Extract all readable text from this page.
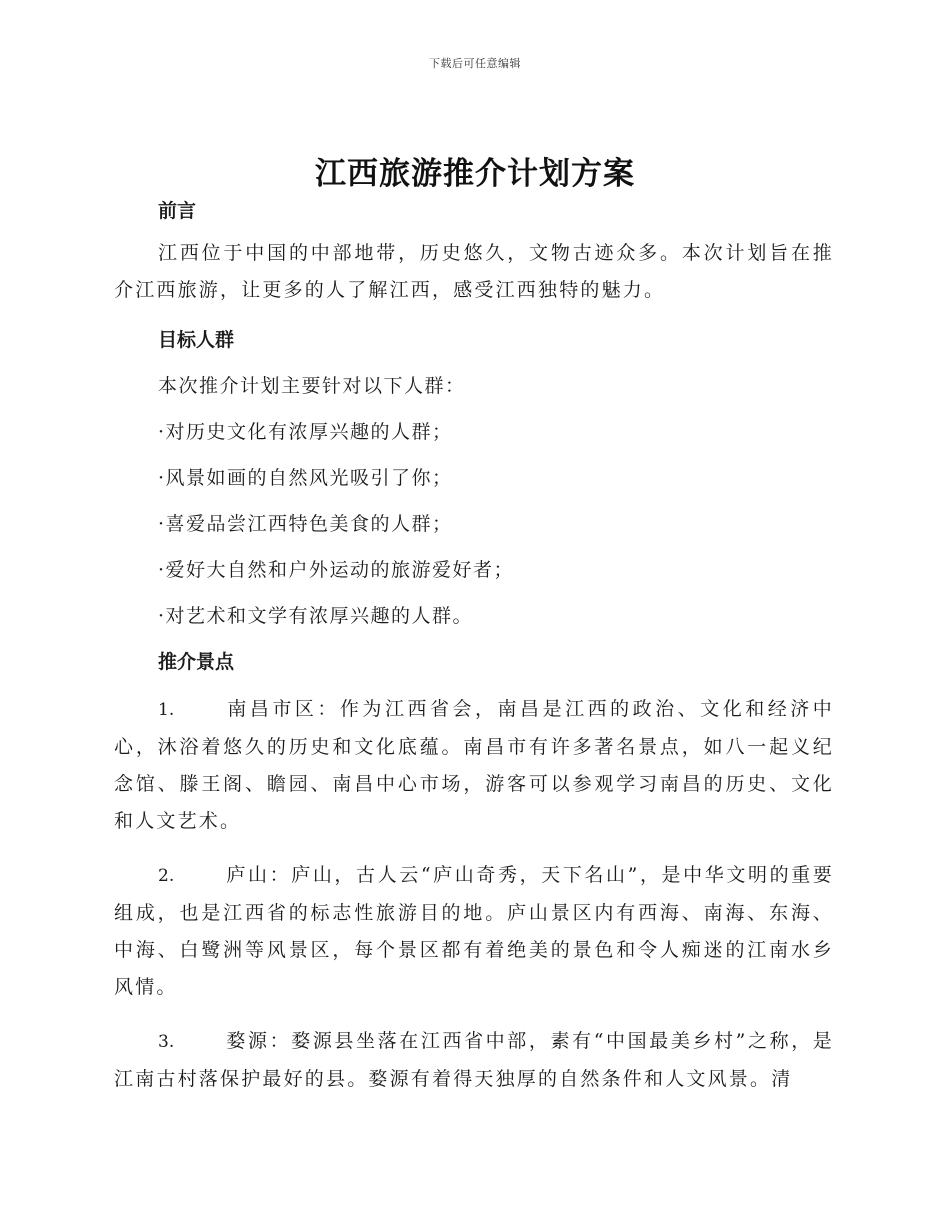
下载后可任意编辑
江西旅游推介计划方案

前言

江西位于中国的中部地带，历史悠久，文物古迹众多。本次计划旨在推介江西旅游，让更多的人了解江西，感受江西独特的魅力。

目标人群

本次推介计划主要针对以下人群：

·对历史文化有浓厚兴趣的人群；

·风景如画的自然风光吸引了你；

·喜爱品尝江西特色美食的人群；

·爱好大自然和户外运动的旅游爱好者；

·对艺术和文学有浓厚兴趣的人群。

推介景点

1.	南昌市区：作为江西省会，南昌是江西的政治、文化和经济中心，沐浴着悠久的历史和文化底蕴。南昌市有许多著名景点，如八一起义纪念馆、滕王阁、瞻园、南昌中心市场，游客可以参观学习南昌的历史、文化和人文艺术。

2.	庐山：庐山，古人云“庐山奇秀，天下名山”，是中华文明的重要组成，也是江西省的标志性旅游目的地。庐山景区内有西海、南海、东海、中海、白鹭洲等风景区，每个景区都有着绝美的景色和令人痴迷的江南水乡风情。

3.	婺源：婺源县坐落在江西省中部，素有“中国最美乡村”之称，是江南古村落保护最好的县。婺源有着得天独厚的自然条件和人文风景。清
